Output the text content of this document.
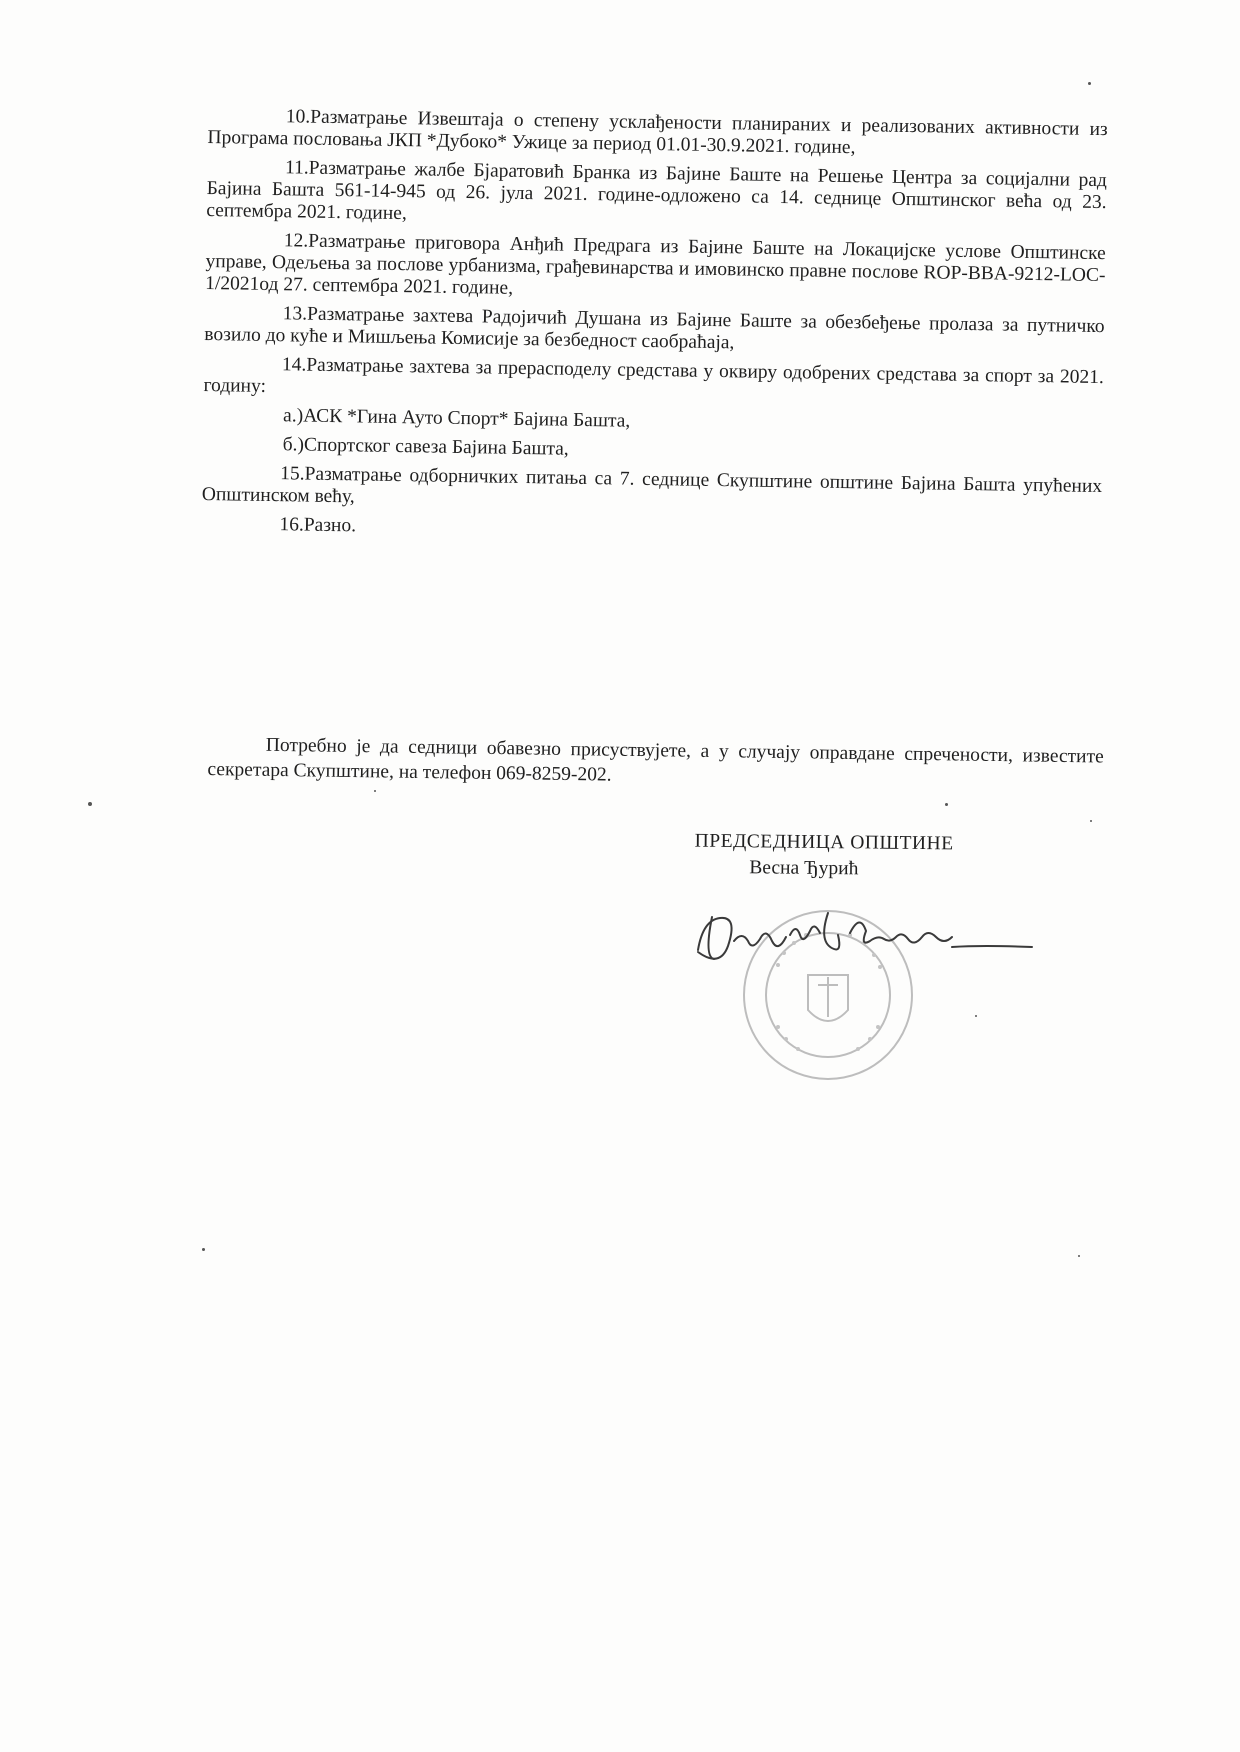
10.Разматрање Извештаја о степену усклађености планираних и реализованих активности из Програма пословања ЈКП *Дубоко* Ужице за период 01.01-30.9.2021. године,

11.Разматрање жалбе Бјаратовић Бранка из Бајине Баште на Решење Центра за социјални рад Бајина Башта 561-14-945 од 26. јула 2021. године-одложено са 14. седнице Општинског већа од 23. септембра 2021. године,

12.Разматрање приговора Анђић Предрага из Бајине Баште на Локацијске услове Општинске управе, Одељења за послове урбанизма, грађевинарства и имовинско правне послове ROP-BBA-9212-LOC-1/2021од 27. септембра 2021. године,

13.Разматрање захтева Радојичић Душана из Бајине Баште за обезбеђење пролаза за путничко возило до куће и Мишљења Комисије за безбедност саобраћаја,

14.Разматрање захтева за прерасподелу средстава у оквиру одобрених средстава за спорт за 2021. годину:

а.)АСК *Гина Ауто Спорт* Бајина Башта,

б.)Спортског савеза Бајина Башта,

15.Разматрање одборничких питања са 7. седнице Скупштине општине Бајина Башта упућених Општинском већу,

16.Разно.

Потребно је да седници обавезно присуствујете, а у случају оправдане спречености, известите секретара Скупштине, на телефон 069-8259-202.

ПРЕДСЕДНИЦА ОПШТИНЕ
Весна Ђурић
